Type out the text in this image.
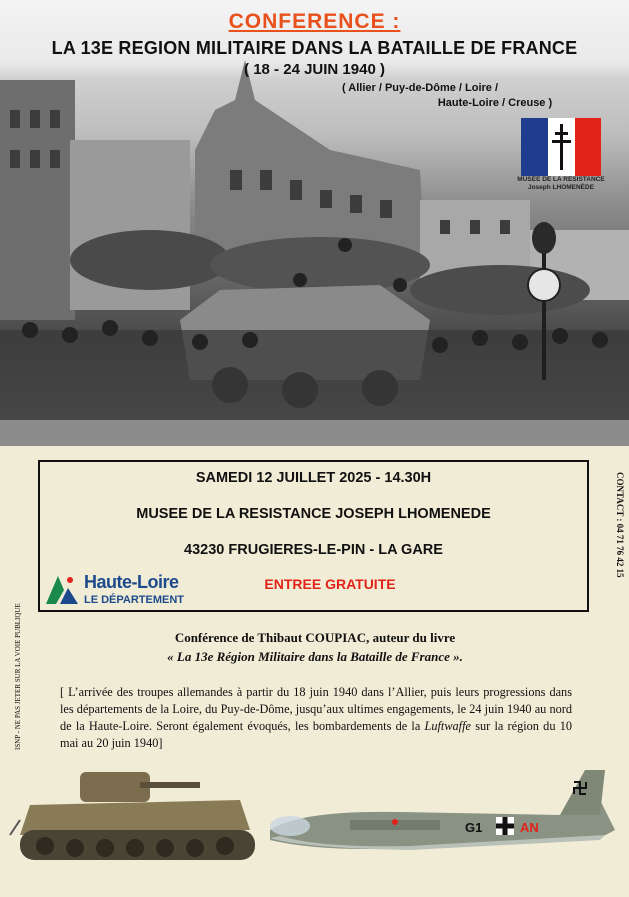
CONFERENCE :

LA 13E REGION MILITAIRE DANS LA BATAILLE DE FRANCE

( 18 - 24 JUIN 1940 )

( Allier / Puy-de-Dôme / Loire /
Haute-Loire / Creuse )
MUSÉE DE LA RÉSISTANCE
Joseph LHOMENÈDE
SAMEDI 12 JUILLET 2025 - 14.30H
MUSEE DE LA RESISTANCE JOSEPH LHOMENEDE
43230 FRUGIERES-LE-PIN - LA GARE
ENTREE GRATUITE
Haute-Loire
LE DÉPARTEMENT
CONTACT : 04 71 76 42 15
ISNP - NE PAS JETER SUR LA VOIE PUBLIQUE	Conférence de Thibaut COUPIAC, auteur du livre
« La 13e Région Militaire dans la Bataille de France ».
[ L’arrivée des troupes allemandes à partir du 18 juin 1940 dans l’Allier, puis leurs progressions dans les départements de la Loire, du Puy-de-Dôme, jusqu’aux ultimes engagements, le 24 juin 1940 au nord de la Haute-Loire. Seront également évoqués, les bombardements de la Luftwaffe sur la région du 10 mai au 20 juin 1940]
G1	AN
